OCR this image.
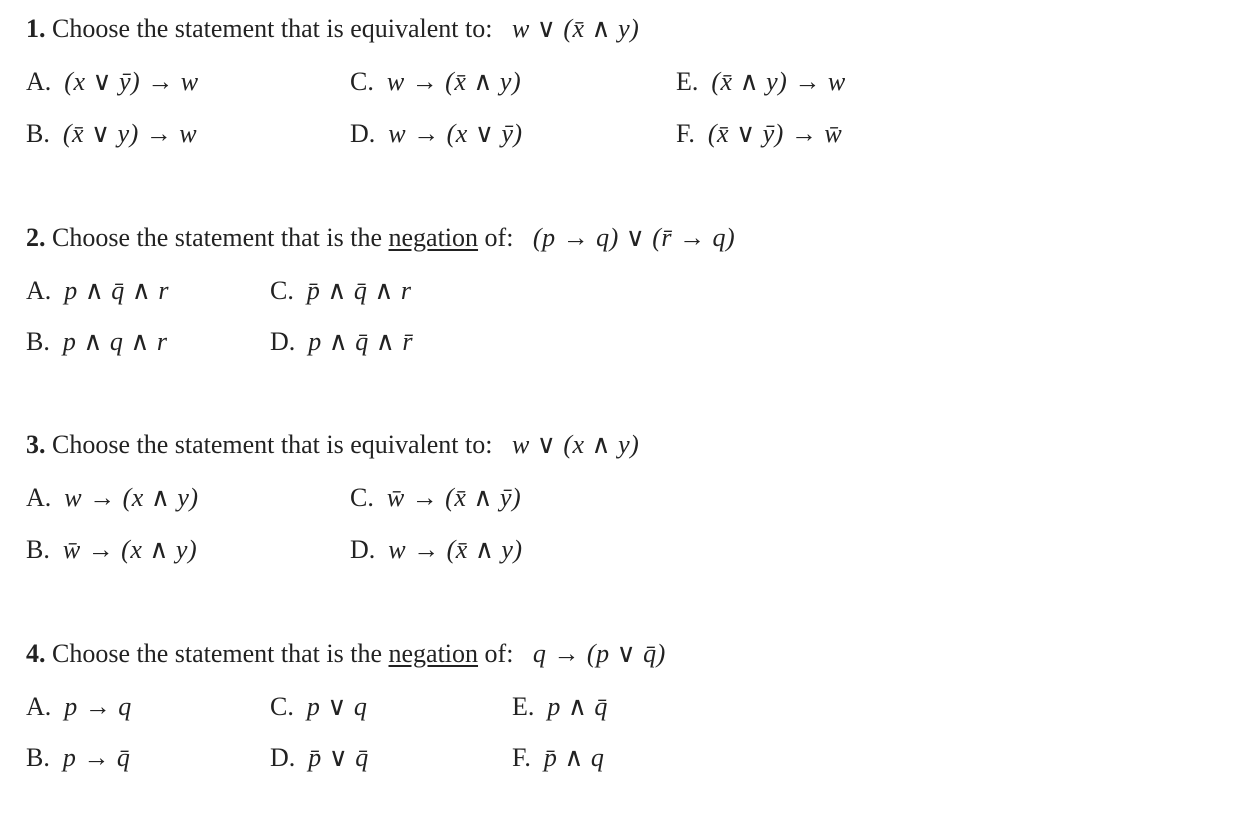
1. Choose the statement that is equivalent to: w ∨ (x̄ ∧ y)
A. (x ∨ ȳ) → w
B. (x̄ ∨ y) → w
C. w → (x̄ ∧ y)
D. w → (x ∨ ȳ)
E. (x̄ ∧ y) → w
F. (x̄ ∨ ȳ) → w̄
2. Choose the statement that is the negation of: (p → q) ∨ (r̄ → q)
A. p ∧ q̄ ∧ r
B. p ∧ q ∧ r
C. p̄ ∧ q̄ ∧ r
D. p ∧ q̄ ∧ r̄
3. Choose the statement that is equivalent to: w ∨ (x ∧ y)
A. w → (x ∧ y)
B. w̄ → (x ∧ y)
C. w̄ → (x̄ ∧ ȳ)
D. w → (x̄ ∧ y)
4. Choose the statement that is the negation of: q → (p ∨ q̄)
A. p → q
B. p → q̄
C. p ∨ q
D. p̄ ∨ q̄
E. p ∧ q̄
F. p̄ ∧ q
